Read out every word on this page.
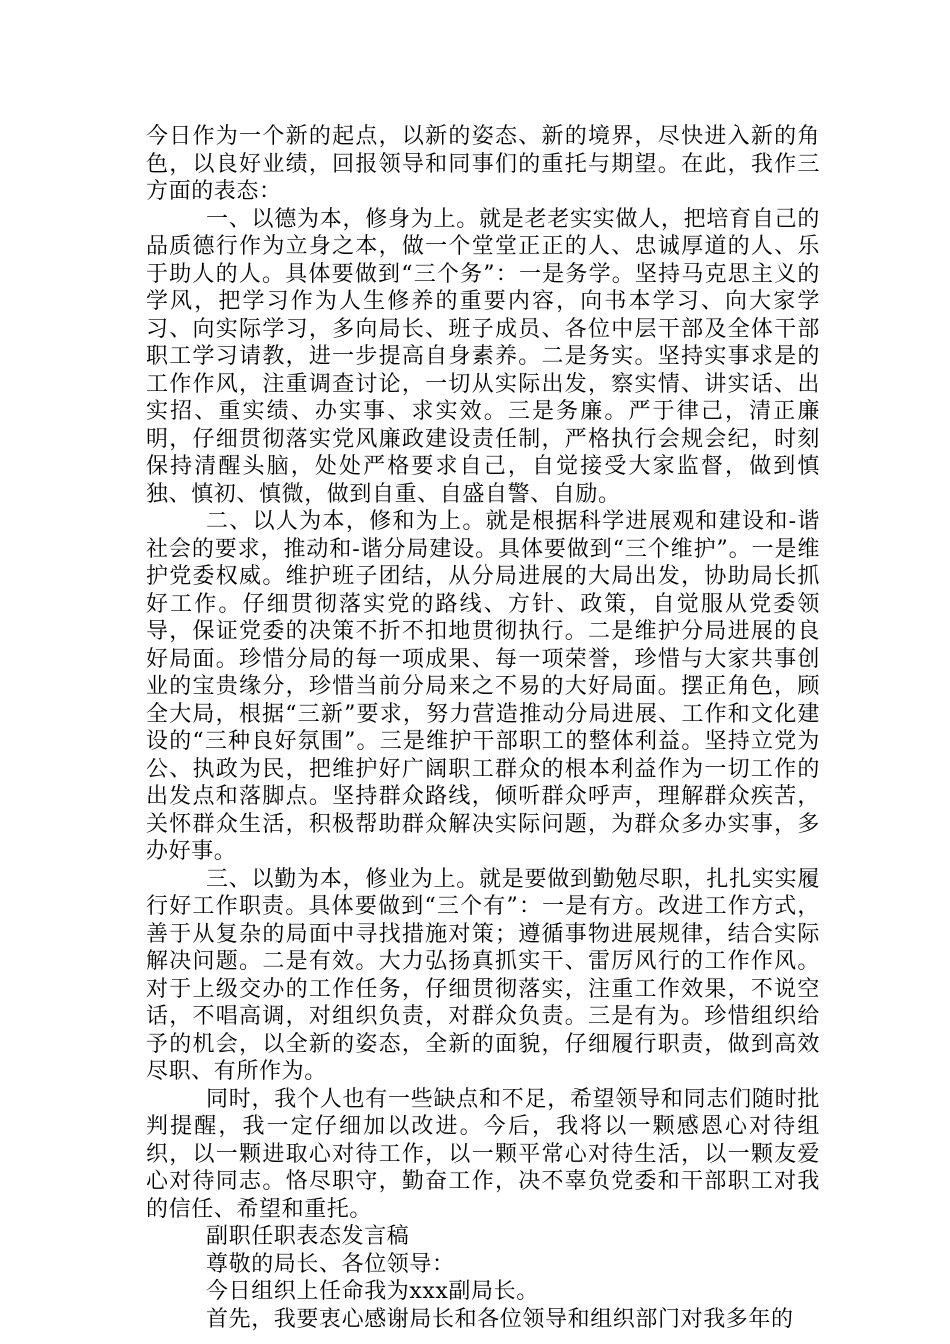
今日作为一个新的起点，以新的姿态、新的境界，尽快进入新的角色，以良好业绩，回报领导和同事们的重托与期望。在此，我作三方面的表态：

一、以德为本，修身为上。就是老老实实做人，把培育自己的品质德行作为立身之本，做一个堂堂正正的人、忠诚厚道的人、乐于助人的人。具体要做到“三个务”：一是务学。坚持马克思主义的学风，把学习作为人生修养的重要内容，向书本学习、向大家学习、向实际学习，多向局长、班子成员、各位中层干部及全体干部职工学习请教，进一步提高自身素养。二是务实。坚持实事求是的工作作风，注重调查讨论，一切从实际出发，察实情、讲实话、出实招、重实绩、办实事、求实效。三是务廉。严于律己，清正廉明，仔细贯彻落实党风廉政建设责任制，严格执行会规会纪，时刻保持清醒头脑，处处严格要求自己，自觉接受大家监督，做到慎独、慎初、慎微，做到自重、自盛自警、自励。

二、以人为本，修和为上。就是根据科学进展观和建设和-谐社会的要求，推动和-谐分局建设。具体要做到“三个维护”。一是维护党委权威。维护班子团结，从分局进展的大局出发，协助局长抓好工作。仔细贯彻落实党的路线、方针、政策，自觉服从党委领导，保证党委的决策不折不扣地贯彻执行。二是维护分局进展的良好局面。珍惜分局的每一项成果、每一项荣誉，珍惜与大家共事创业的宝贵缘分，珍惜当前分局来之不易的大好局面。摆正角色，顾全大局，根据“三新”要求，努力营造推动分局进展、工作和文化建设的“三种良好氛围”。三是维护干部职工的整体利益。坚持立党为公、执政为民，把维护好广阔职工群众的根本利益作为一切工作的出发点和落脚点。坚持群众路线，倾听群众呼声，理解群众疾苦，关怀群众生活，积极帮助群众解决实际问题，为群众多办实事，多办好事。

三、以勤为本，修业为上。就是要做到勤勉尽职，扎扎实实履行好工作职责。具体要做到“三个有”：一是有方。改进工作方式，善于从复杂的局面中寻找措施对策；遵循事物进展规律，结合实际解决问题。二是有效。大力弘扬真抓实干、雷厉风行的工作作风。对于上级交办的工作任务，仔细贯彻落实，注重工作效果，不说空话，不唱高调，对组织负责，对群众负责。三是有为。珍惜组织给予的机会，以全新的姿态，全新的面貌，仔细履行职责，做到高效尽职、有所作为。

同时，我个人也有一些缺点和不足，希望领导和同志们随时批判提醒，我一定仔细加以改进。今后，我将以一颗感恩心对待组织，以一颗进取心对待工作，以一颗平常心对待生活，以一颗友爱心对待同志。恪尽职守，勤奋工作，决不辜负党委和干部职工对我的信任、希望和重托。

副职任职表态发言稿

尊敬的局长、各位领导：

今日组织上任命我为xxx副局长。

首先，我要衷心感谢局长和各位领导和组织部门对我多年的
